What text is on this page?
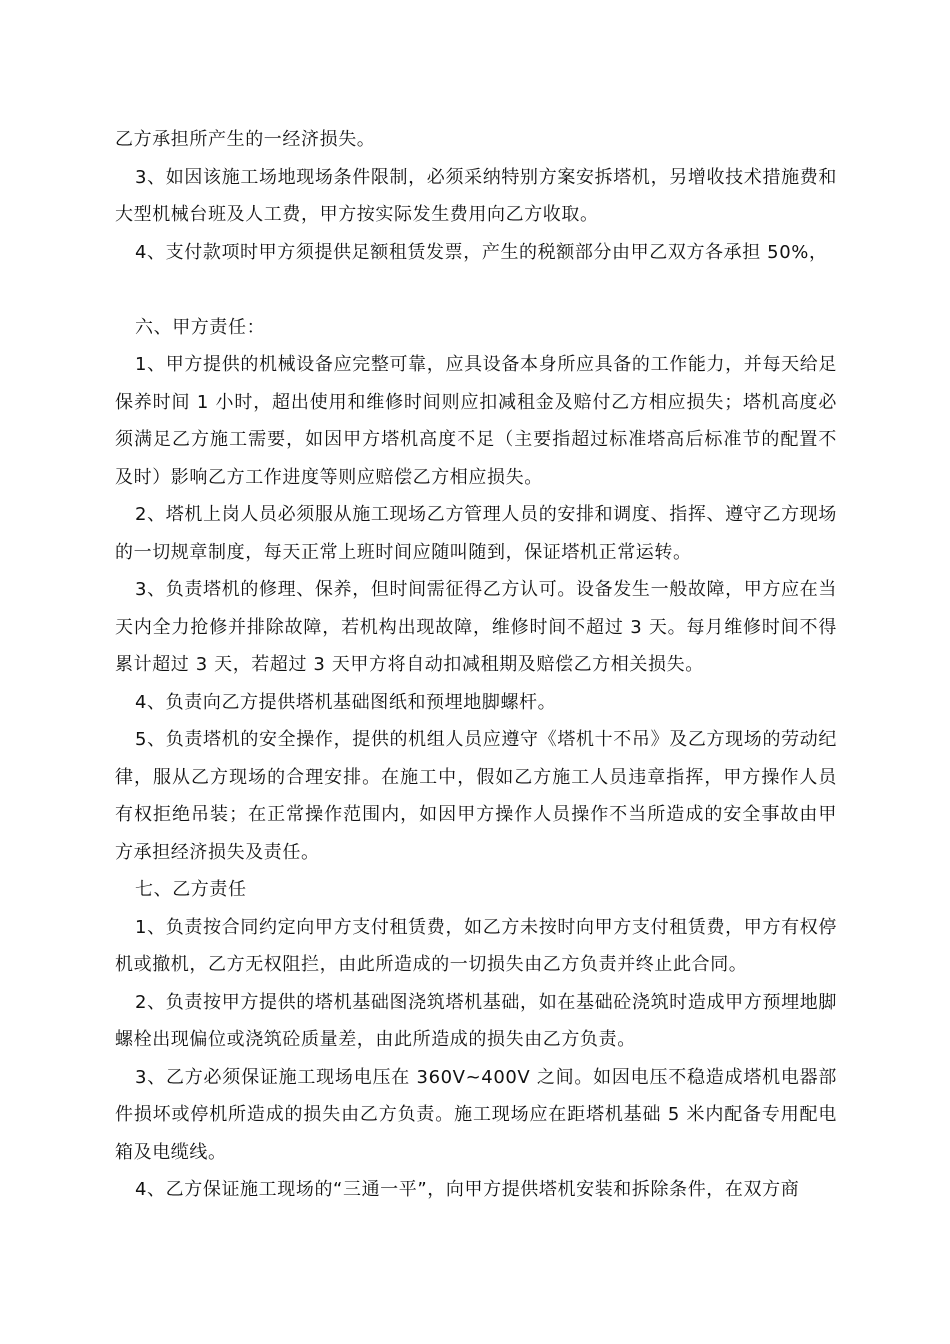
乙方承担所产生的一经济损失。

3、如因该施工场地现场条件限制，必须采纳特别方案安拆塔机，另增收技术措施费和大型机械台班及人工费，甲方按实际发生费用向乙方收取。

4、支付款项时甲方须提供足额租赁发票，产生的税额部分由甲乙双方各承担 50%，

六、甲方责任：

1、甲方提供的机械设备应完整可靠，应具设备本身所应具备的工作能力，并每天给足保养时间 1 小时，超出使用和维修时间则应扣减租金及赔付乙方相应损失；塔机高度必须满足乙方施工需要，如因甲方塔机高度不足（主要指超过标准塔高后标准节的配置不及时）影响乙方工作进度等则应赔偿乙方相应损失。

2、塔机上岗人员必须服从施工现场乙方管理人员的安排和调度、指挥、遵守乙方现场的一切规章制度，每天正常上班时间应随叫随到，保证塔机正常运转。

3、负责塔机的修理、保养，但时间需征得乙方认可。设备发生一般故障，甲方应在当天内全力抢修并排除故障，若机构出现故障，维修时间不超过 3 天。每月维修时间不得累计超过 3 天，若超过 3 天甲方将自动扣减租期及赔偿乙方相关损失。

4、负责向乙方提供塔机基础图纸和预埋地脚螺杆。

5、负责塔机的安全操作，提供的机组人员应遵守《塔机十不吊》及乙方现场的劳动纪律，服从乙方现场的合理安排。在施工中，假如乙方施工人员违章指挥，甲方操作人员有权拒绝吊装；在正常操作范围内，如因甲方操作人员操作不当所造成的安全事故由甲方承担经济损失及责任。

七、乙方责任

1、负责按合同约定向甲方支付租赁费，如乙方未按时向甲方支付租赁费，甲方有权停机或撤机，乙方无权阻拦，由此所造成的一切损失由乙方负责并终止此合同。

2、负责按甲方提供的塔机基础图浇筑塔机基础，如在基础砼浇筑时造成甲方预埋地脚螺栓出现偏位或浇筑砼质量差，由此所造成的损失由乙方负责。

3、乙方必须保证施工现场电压在 360V~400V 之间。如因电压不稳造成塔机电器部件损坏或停机所造成的损失由乙方负责。施工现场应在距塔机基础 5 米内配备专用配电箱及电缆线。

4、乙方保证施工现场的“三通一平”，向甲方提供塔机安装和拆除条件，在双方商
